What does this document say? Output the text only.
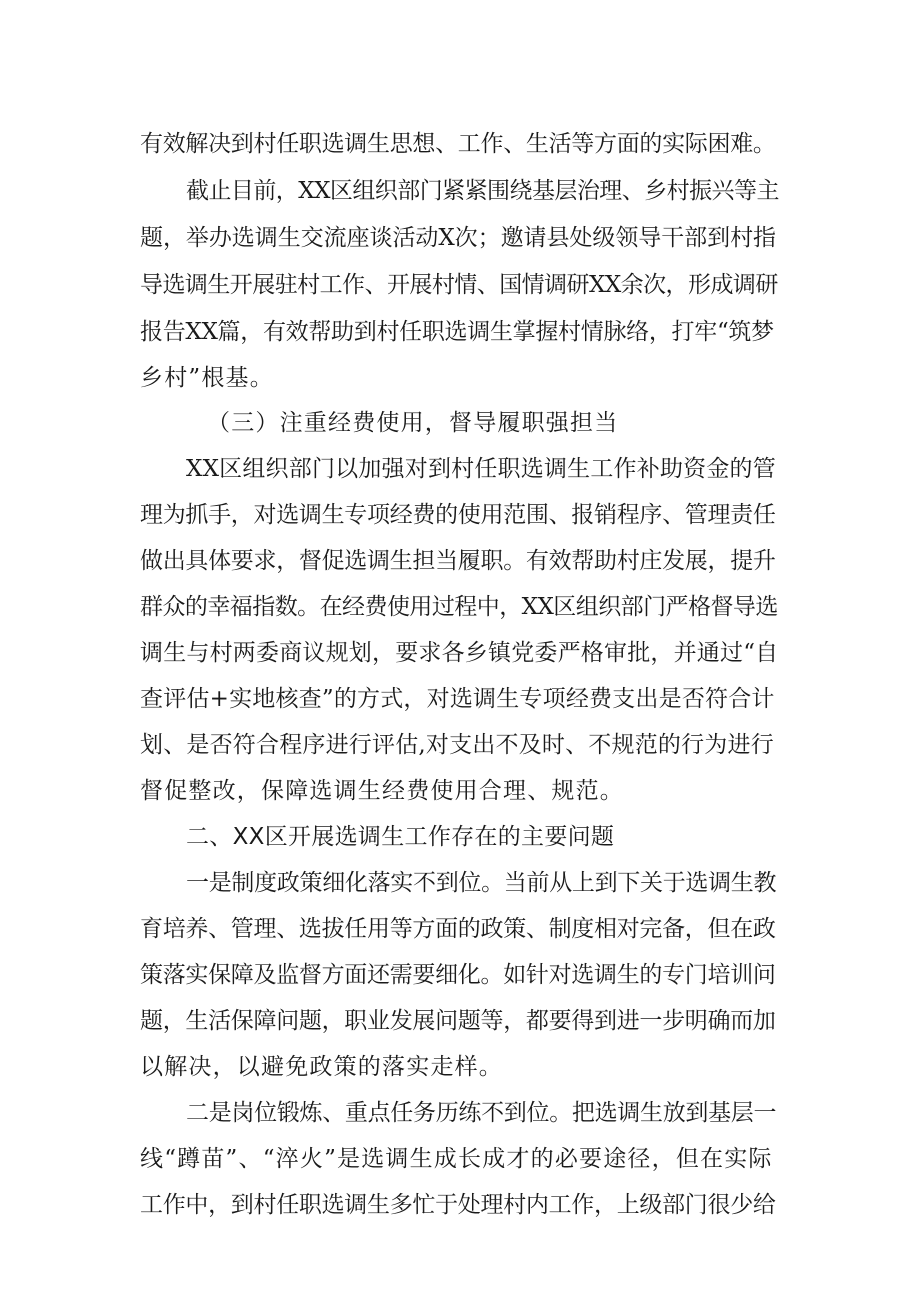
有效解决到村任职选调生思想、工作、生活等方面的实际困难。
截止目前，XX区组织部门紧紧围绕基层治理、乡村振兴等主
题，举办选调生交流座谈活动X次；邀请县处级领导干部到村指
导选调生开展驻村工作、开展村情、国情调研XX余次，形成调研
报告XX篇，有效帮助到村任职选调生掌握村情脉络，打牢“筑梦
乡村”根基。
（三）注重经费使用，督导履职强担当
XX区组织部门以加强对到村任职选调生工作补助资金的管
理为抓手，对选调生专项经费的使用范围、报销程序、管理责任
做出具体要求，督促选调生担当履职。有效帮助村庄发展，提升
群众的幸福指数。在经费使用过程中，XX区组织部门严格督导选
调生与村两委商议规划，要求各乡镇党委严格审批，并通过“自
查评估+实地核查”的方式，对选调生专项经费支出是否符合计
划、是否符合程序进行评估,对支出不及时、不规范的行为进行
督促整改，保障选调生经费使用合理、规范。
二、XX区开展选调生工作存在的主要问题
一是制度政策细化落实不到位。当前从上到下关于选调生教
育培养、管理、选拔任用等方面的政策、制度相对完备，但在政
策落实保障及监督方面还需要细化。如针对选调生的专门培训问
题，生活保障问题，职业发展问题等，都要得到进一步明确而加
以解决，以避免政策的落实走样。
二是岗位锻炼、重点任务历练不到位。把选调生放到基层一
线“蹲苗”、“淬火”是选调生成长成才的必要途径，但在实际
工作中，到村任职选调生多忙于处理村内工作，上级部门很少给
